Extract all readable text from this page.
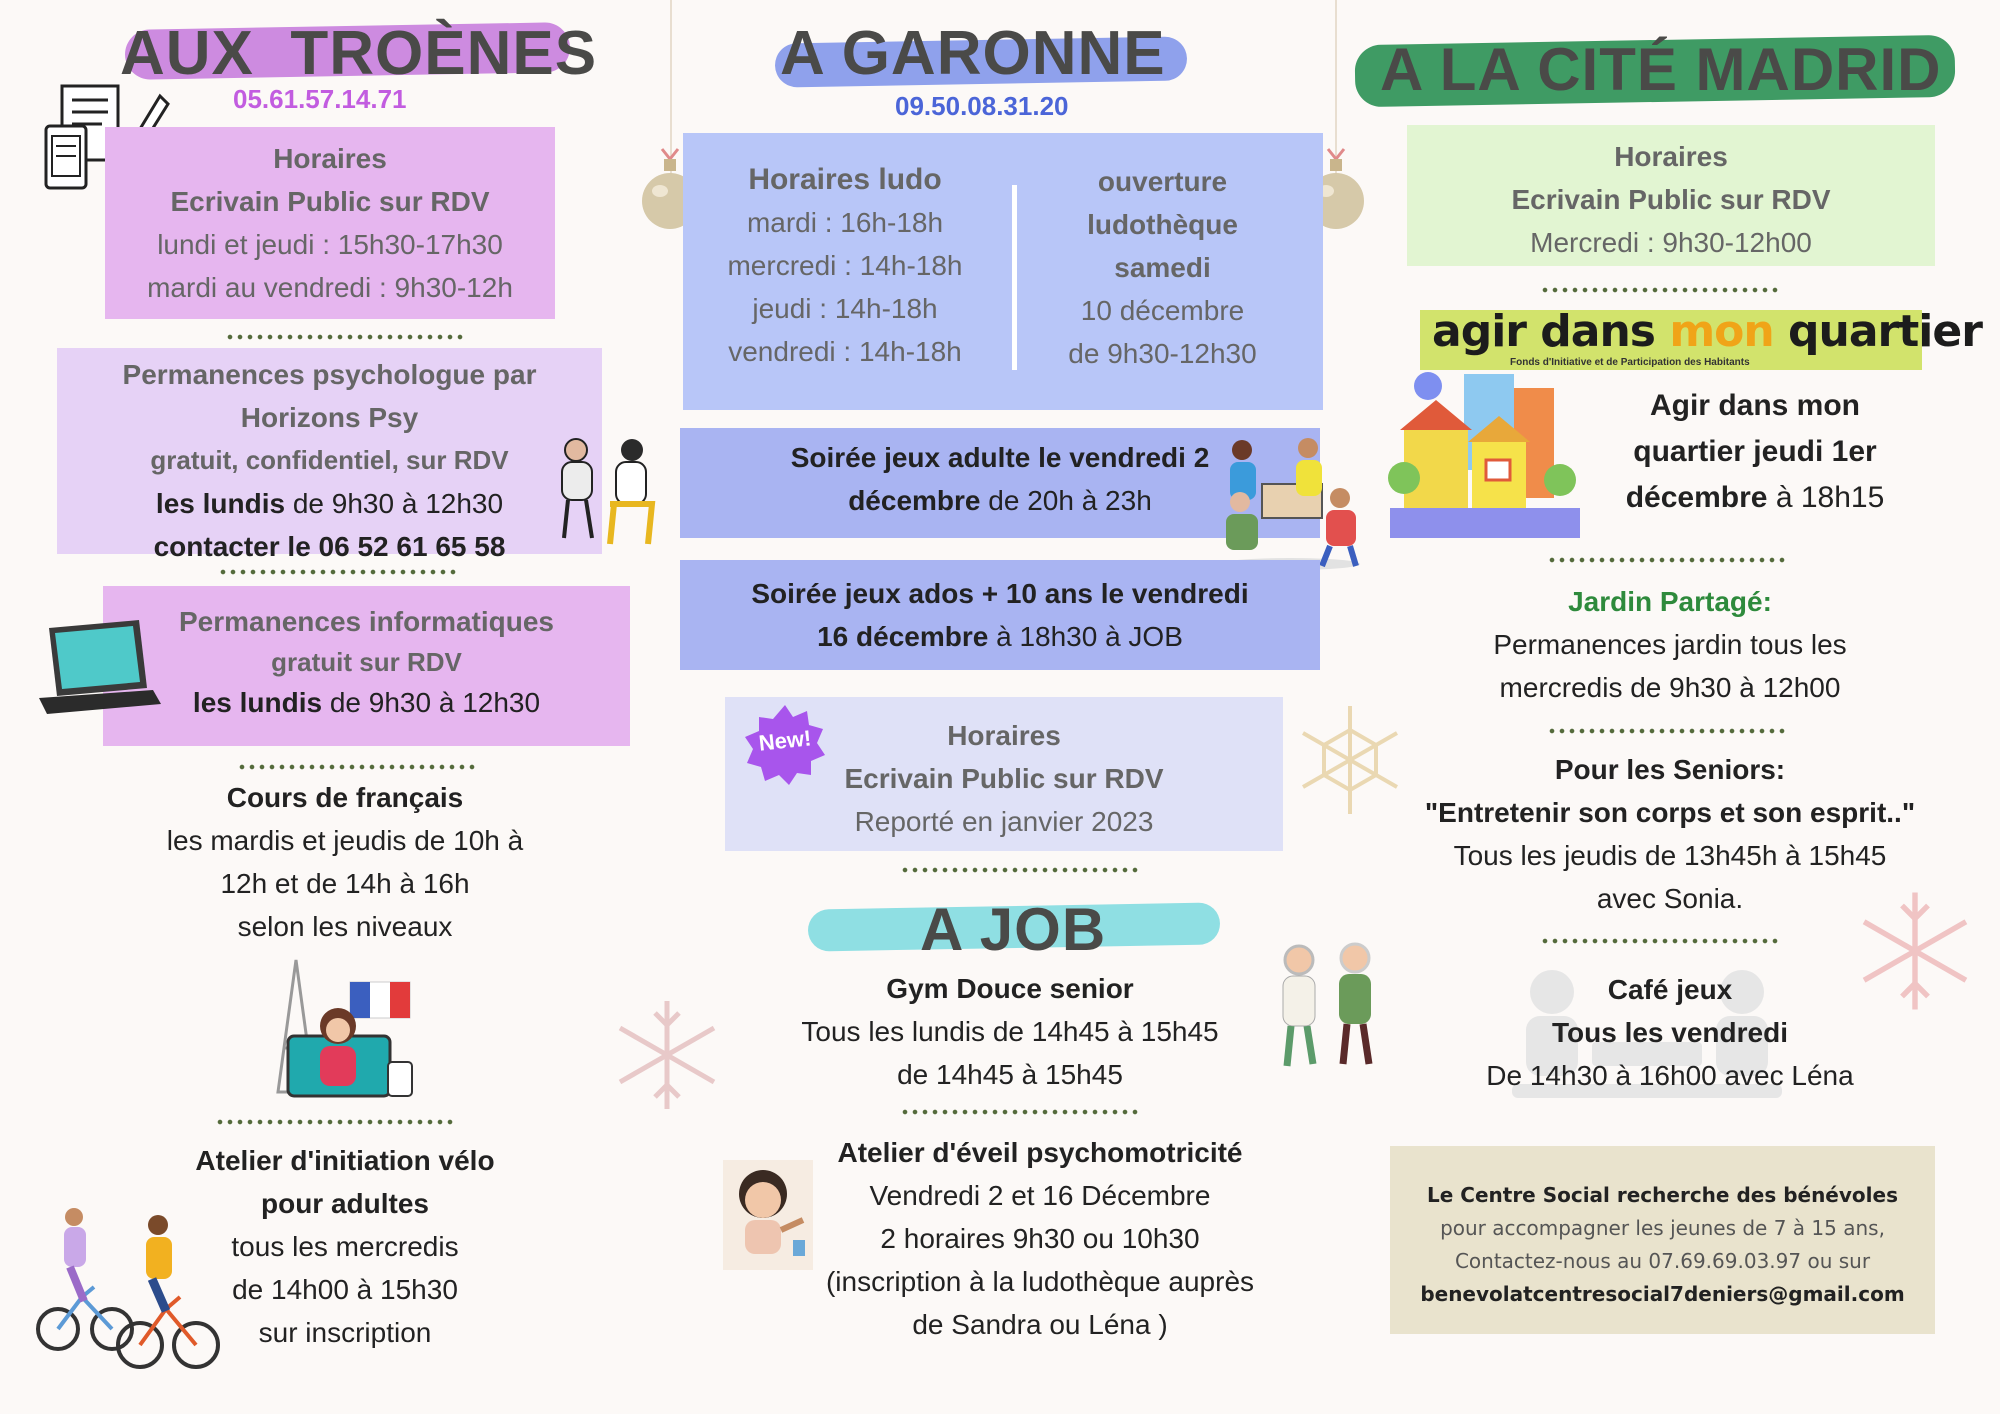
AUX  TROÈNES
05.61.57.14.71
Horaires
Ecrivain Public sur RDV
lundi et jeudi : 15h30-17h30
mardi au vendredi : 9h30-12h
Permanences psychologue par
Horizons Psy
gratuit, confidentiel, sur RDV
les lundis de 9h30 à 12h30
contacter le 06 52 61 65 58
Permanences informatiques
gratuit sur RDV
les lundis de 9h30 à 12h30
Cours de français
les mardis et jeudis de 10h à
12h et de 14h à 16h
selon les niveaux
Atelier d'initiation vélo
pour adultes
tous les mercredis
de 14h00 à 15h30
sur inscription
A GARONNE
09.50.08.31.20
Horaires ludo
mardi : 16h-18h
mercredi : 14h-18h
jeudi : 14h-18h
vendredi : 14h-18h
ouverture
ludothèque
samedi
10 décembre
de 9h30-12h30
Soirée jeux adulte le vendredi 2
décembre de 20h à 23h
Soirée jeux ados + 10 ans le vendredi
16 décembre à 18h30 à JOB
Horaires
Ecrivain Public sur RDV
Reporté en janvier 2023
New!
A JOB
Gym Douce senior
Tous les lundis de 14h45 à 15h45
de 14h45 à 15h45
Atelier d'éveil psychomotricité
Vendredi 2 et 16 Décembre
2 horaires 9h30 ou 10h30
(inscription à la ludothèque auprès
de Sandra ou Léna )
A LA CITÉ MADRID
Horaires
Ecrivain Public sur RDV
Mercredi : 9h30-12h00
agir dans mon quartier
Fonds d'Initiative et de Participation des Habitants
Agir dans mon
quartier jeudi 1er
décembre à 18h15
Jardin Partagé:
Permanences jardin tous les
mercredis de 9h30 à 12h00
Pour les Seniors:
"Entretenir son corps et son esprit.."
Tous les jeudis de 13h45h à 15h45
avec Sonia.
Café jeux
Tous les vendredi
De 14h30 à 16h00 avec Léna
Le Centre Social recherche des bénévoles
pour accompagner les jeunes de 7 à 15 ans,
Contactez-nous au 07.69.69.03.97 ou sur
benevolatcentresocial7deniers@gmail.com
